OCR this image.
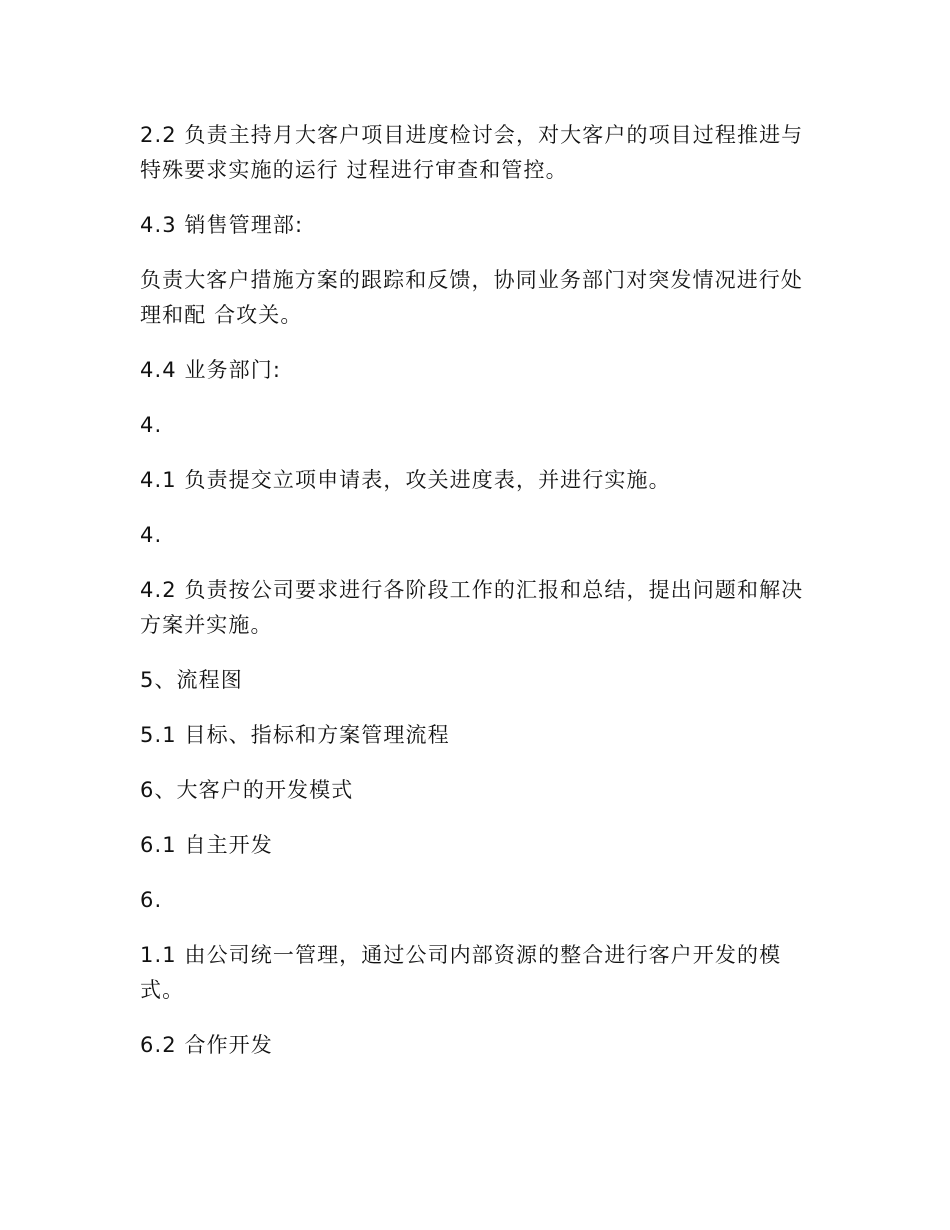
2.2 负责主持月大客户项目进度检讨会，对大客户的项目过程推进与特殊要求实施的运行 过程进行审查和管控。

4.3 销售管理部:

负责大客户措施方案的跟踪和反馈，协同业务部门对突发情况进行处理和配 合攻关。

4.4 业务部门:

4.

4.1 负责提交立项申请表，攻关进度表，并进行实施。

4.

4.2 负责按公司要求进行各阶段工作的汇报和总结，提出问题和解决方案并实施。

5、流程图

5.1 目标、指标和方案管理流程

6、大客户的开发模式

6.1 自主开发

6.

1.1 由公司统一管理，通过公司内部资源的整合进行客户开发的模式。

6.2 合作开发
